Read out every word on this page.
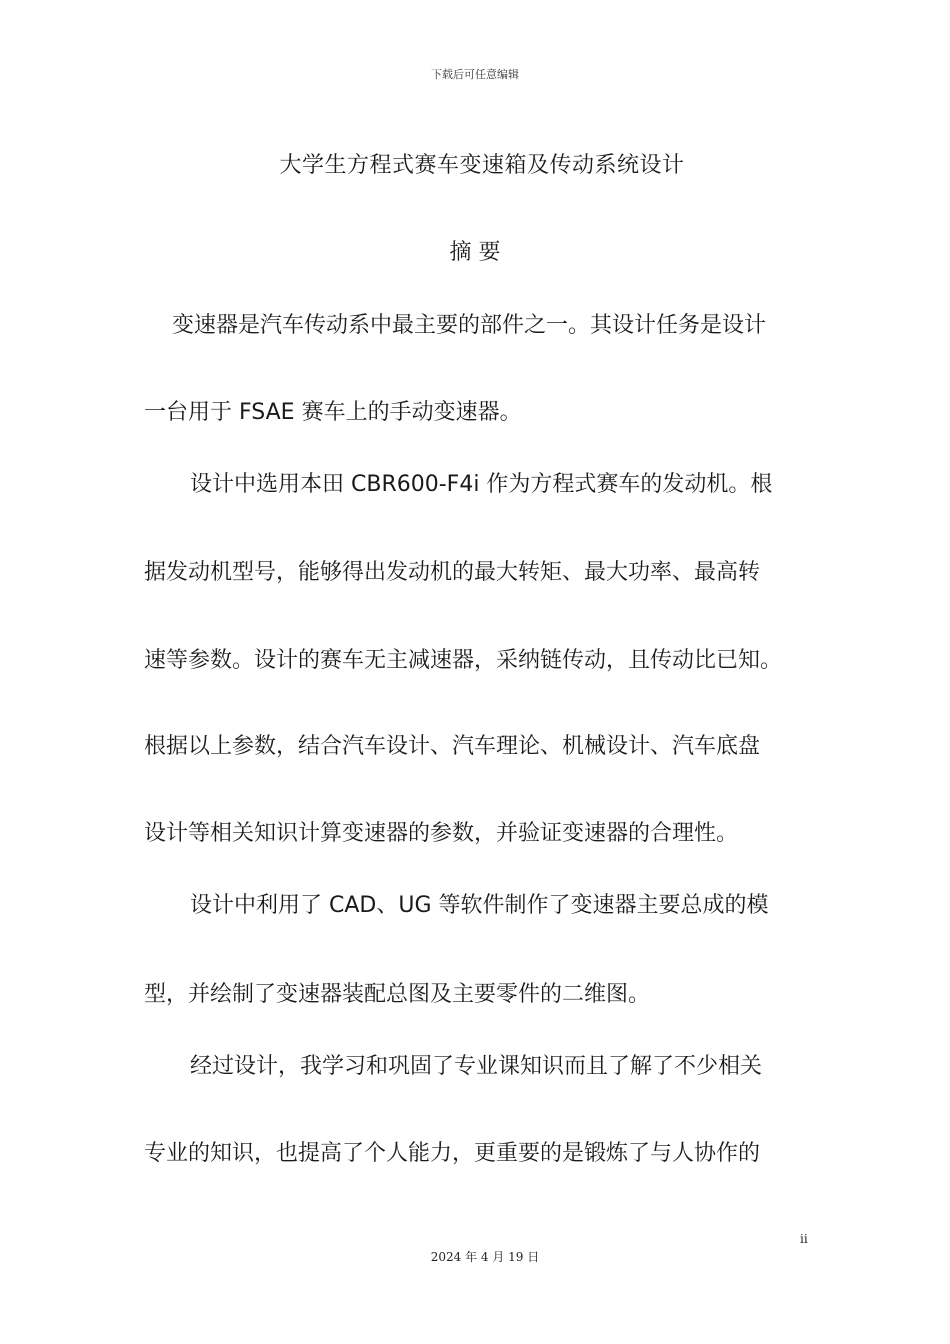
下载后可任意编辑
大学生方程式赛车变速箱及传动系统设计
摘 要
变速器是汽车传动系中最主要的部件之一。其设计任务是设计
一台用于 FSAE 赛车上的手动变速器。
设计中选用本田 CBR600-F4i 作为方程式赛车的发动机。根
据发动机型号，能够得出发动机的最大转矩、最大功率、最高转
速等参数。设计的赛车无主减速器，采纳链传动，且传动比已知。
根据以上参数，结合汽车设计、汽车理论、机械设计、汽车底盘
设计等相关知识计算变速器的参数，并验证变速器的合理性。
设计中利用了 CAD、UG 等软件制作了变速器主要总成的模
型，并绘制了变速器装配总图及主要零件的二维图。
经过设计，我学习和巩固了专业课知识而且了解了不少相关
专业的知识，也提高了个人能力，更重要的是锻炼了与人协作的
ii
2024 年 4 月 19 日
